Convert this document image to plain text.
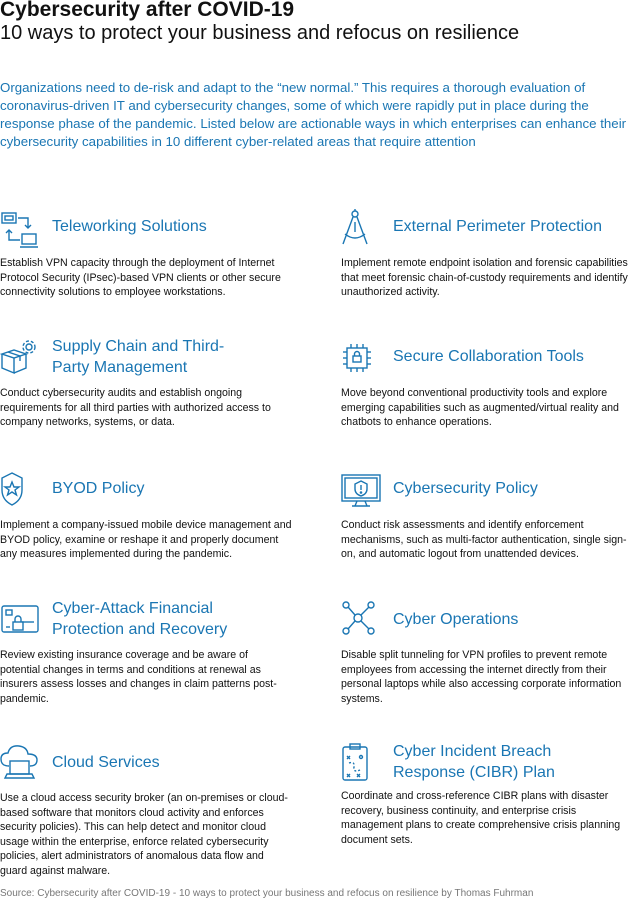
Cybersecurity after COVID-19
10 ways to protect your business and refocus on resilience
Organizations need to de-risk and adapt to the “new normal.” This requires a thorough evaluation of coronavirus-driven IT and cybersecurity changes, some of which were rapidly put in place during the response phase of the pandemic. Listed below are actionable ways in which enterprises can enhance their cybersecurity capabilities in 10 different cyber-related areas that require attention
Teleworking Solutions
Establish VPN capacity through the deployment of Internet Protocol Security (IPsec)-based VPN clients or other secure connectivity solutions to employee workstations.
External Perimeter Protection
Implement remote endpoint isolation and forensic capabilities that meet forensic chain-of-custody requirements and identify unauthorized activity.
Supply Chain and Third-Party Management
Conduct cybersecurity audits and establish ongoing requirements for all third parties with authorized access to company networks, systems, or data.
Secure Collaboration Tools
Move beyond conventional productivity tools and explore emerging capabilities such as augmented/virtual reality and chatbots to enhance operations.
BYOD Policy
Implement a company-issued mobile device management and BYOD policy, examine or reshape it and properly document any measures implemented during the pandemic.
Cybersecurity Policy
Conduct risk assessments and identify enforcement mechanisms, such as multi-factor authentication, single sign-on, and automatic logout from unattended devices.
Cyber-Attack Financial Protection and Recovery
Review existing insurance coverage and be aware of potential changes in terms and conditions at renewal as insurers assess losses and changes in claim patterns post-pandemic.
Cyber Operations
Disable split tunneling for VPN profiles to prevent remote employees from accessing the internet directly from their personal laptops while also accessing corporate information systems.
Cloud Services
Use a cloud access security broker (an on-premises or cloud-based software that monitors cloud activity and enforces security policies). This can help detect and monitor cloud usage within the enterprise, enforce related cybersecurity policies, alert administrators of anomalous data flow and guard against malware.
Cyber Incident Breach Response (CIBR) Plan
Coordinate and cross-reference CIBR plans with disaster recovery, business continuity, and enterprise crisis management plans to create comprehensive crisis planning document sets.
Source: Cybersecurity after COVID-19 - 10 ways to protect your business and refocus on resilience by Thomas Fuhrman
